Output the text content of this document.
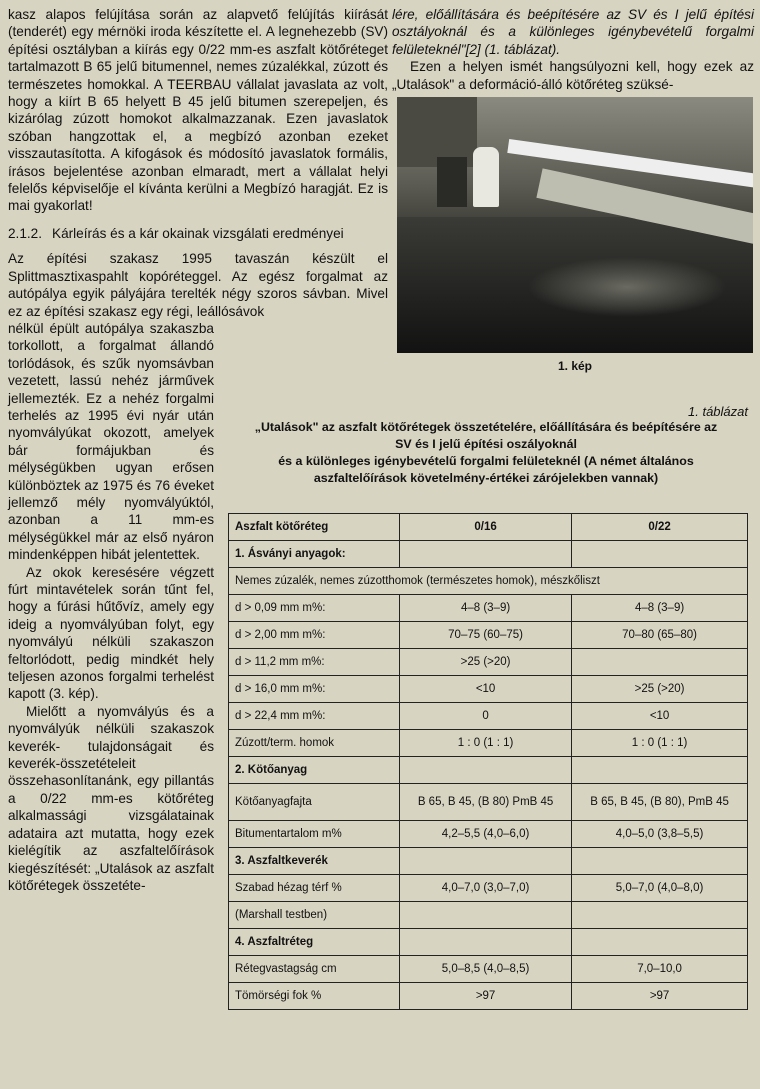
kasz alapos felújítása során az alapvető felújítás kiírását (tenderét) egy mérnöki iroda készítette el. A legnehezebb (SV) építési osztályban a kiírás egy 0/22 mm-es aszfalt kötőréteget tartalmazott B 65 jelű bitumennel, nemes zúzalékkal, zúzott és természetes homokkal. A TEERBAU vállalat javaslata az volt, hogy a kiírt B 65 helyett B 45 jelű bitumen szerepeljen, és kizárólag zúzott homokot alkalmazzanak. Ezen javaslatok szóban hangzottak el, a megbízó azonban ezeket visszautasította. A kifogások és módosító javaslatok formális, írásos bejelentése azonban elmaradt, mert a vállalat helyi felelős képviselője el kívánta kerülni a Megbízó haragját. Ez is mai gyakorlat!

2.1.2. Kárleírás és a kár okainak vizsgálati eredményei

Az építési szakasz 1995 tavaszán készült el Splittmasztixaspahlt kopóréteggel. Az egész forgalmat az autópálya egyik pályájára terelték négy szoros sávban. Mivel ez az építési szakasz egy régi, leállósávok

nélkül épült autópálya szakaszba torkollott, a forgalmat állandó torlódások, és szűk nyomsávban vezetett, lassú nehéz járművek jellemezték. Ez a nehéz forgalmi terhelés az 1995 évi nyár után nyomvályúkat okozott, amelyek bár formájukban és mélységükben ugyan erősen különböztek az 1975 és 76 éveket jellemző mély nyomvályúktól, azonban a 11 mm-es mélységükkel már az első nyáron mindenképpen hibát jelentettek.

Az okok keresésére végzett fúrt mintavételek során tűnt fel, hogy a fúrási hűtővíz, amely egy ideig a nyomvályúban folyt, egy nyomvályú nélküli szakaszon feltorlódott, pedig mindkét hely teljesen azonos forgalmi terhelést kapott (3. kép).

Mielőtt a nyomvályús és a nyomvályúk nélküli szakaszok keverék- tulajdonságait és keverék-összetételeit összehasonlítanánk, egy pillantás a 0/22 mm-es kötőréteg alkalmassági vizsgálatainak adataira azt mutatta, hogy ezek kielégítik az aszfaltelőírások kiegészítését: „Utalások az aszfalt kötőrétegek összetéte-

lére, előállítására és beépítésére az SV és I jelű építési osztályoknál és a különleges igénybevételű forgalmi felületeknél"[2] (1. táblázat).

Ezen a helyen ismét hangsúlyozni kell, hogy ezek az „Utalások" a deformáció-álló kötőréteg szüksé-

1. kép
1. táblázat
„Utalások" az aszfalt kötőrétegek összetételére, előállítására és beépítésére az
SV és I jelű építési oszályoknál
és a különleges igénybevételű forgalmi felületeknél (A német általános
aszfaltelőírások követelmény-értékei zárójelekben vannak)
Aszfalt kötőréteg	0/16	0/22
1. Ásványi anyagok:		
Nemes zúzalék, nemes zúzotthomok (természetes homok), mészkőliszt		
d > 0,09 mm m%:	4–8 (3–9)	4–8 (3–9)
d > 2,00 mm m%:	70–75 (60–75)	70–80 (65–80)
d > 11,2 mm m%:	>25 (>20)	
d > 16,0 mm m%:	<10	>25 (>20)
d > 22,4 mm m%:	0	<10
Zúzott/term. homok	1 : 0 (1 : 1)	1 : 0 (1 : 1)
2. Kötőanyag		
Kötőanyagfajta	B 65, B 45, (B 80) PmB 45	B 65, B 45, (B 80), PmB 45
Bitumentartalom m%	4,2–5,5 (4,0–6,0)	4,0–5,0 (3,8–5,5)
3. Aszfaltkeverék		
Szabad hézag térf %	4,0–7,0 (3,0–7,0)	5,0–7,0 (4,0–8,0)
(Marshall testben)		
4. Aszfaltréteg		
Rétegvastagság cm	5,0–8,5 (4,0–8,5)	7,0–10,0
Tömörségi fok %	>97	>97
